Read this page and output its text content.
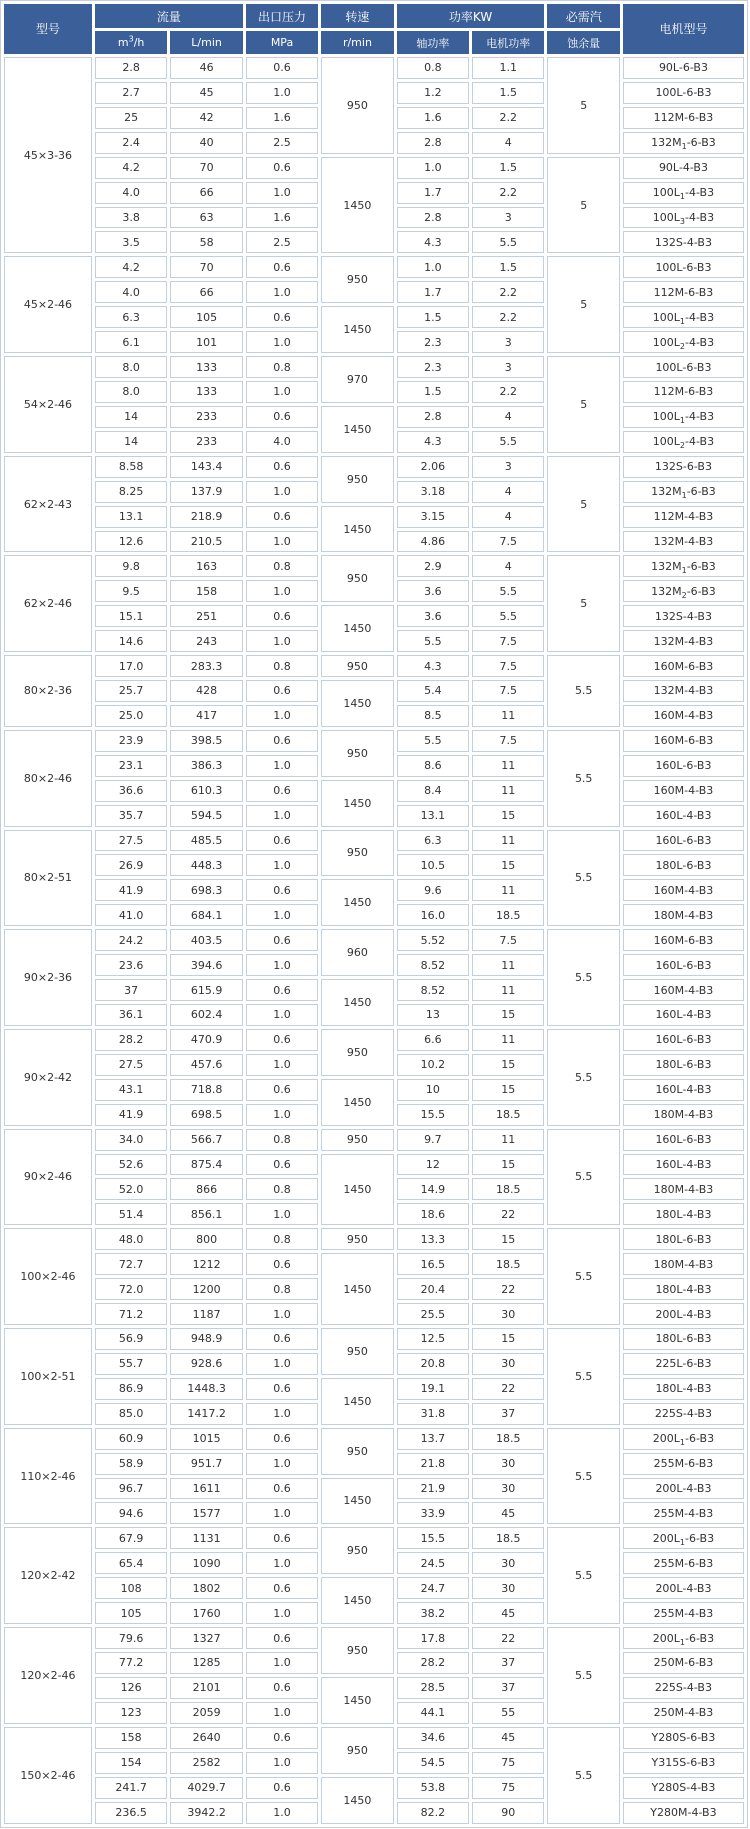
型号	流量		出口压力	转速	功率KW		必需汽	电机型号
	$m^3/h$	L/min	MPa	r/min	轴功率	电机功率	蚀余量	
45×3-36	2.8	46	0.6	950	0.8	1.1	5	90L-6-B3
	2.7	45	1.0		1.2	1.5		100L-6-B3
	25	42	1.6		1.6	2.2		112M-6-B3
	2.4	40	2.5		2.8	4		$132M_1-6-B3$
	4.2	70	0.6	1450	1.0	1.5	5	90L-4-B3
	4.0	66	1.0		1.7	2.2		$100L_1-4-B3$
	3.8	63	1.6		2.8	3		$100L_3-4-B3$
	3.5	58	2.5		4.3	5.5		132S-4-B3
45×2-46	4.2	70	0.6	950	1.0	1.5	5	100L-6-B3
	4.0	66	1.0		1.7	2.2		112M-6-B3
	6.3	105	0.6	1450	1.5	2.2		$100L_1-4-B3$
	6.1	101	1.0		2.3	3		$100L_2-4-B3$
54×2-46	8.0	133	0.8	970	2.3	3	5	100L-6-B3
	8.0	133	1.0		1.5	2.2		112M-6-B3
	14	233	0.6	1450	2.8	4		$100L_1-4-B3$
	14	233	4.0		4.3	5.5		$100L_2-4-B3$
62×2-43	8.58	143.4	0.6	950	2.06	3	5	132S-6-B3
	8.25	137.9	1.0		3.18	4		$132M_1-6-B3$
	13.1	218.9	0.6	1450	3.15	4		112M-4-B3
	12.6	210.5	1.0		4.86	7.5		132M-4-B3
62×2-46	9.8	163	0.8	950	2.9	4	5	$132M_1-6-B3$
	9.5	158	1.0		3.6	5.5		$132M_2-6-B3$
	15.1	251	0.6	1450	3.6	5.5		132S-4-B3
	14.6	243	1.0		5.5	7.5		132M-4-B3
80×2-36	17.0	283.3	0.8	950	4.3	7.5	5.5	160M-6-B3
	25.7	428	0.6	1450	5.4	7.5		132M-4-B3
	25.0	417	1.0		8.5	11		160M-4-B3
80×2-46	23.9	398.5	0.6	950	5.5	7.5	5.5	160M-6-B3
	23.1	386.3	1.0		8.6	11		160L-6-B3
	36.6	610.3	0.6	1450	8.4	11		160M-4-B3
	35.7	594.5	1.0		13.1	15		160L-4-B3
80×2-51	27.5	485.5	0.6	950	6.3	11	5.5	160L-6-B3
	26.9	448.3	1.0		10.5	15		180L-6-B3
	41.9	698.3	0.6	1450	9.6	11		160M-4-B3
	41.0	684.1	1.0		16.0	18.5		180M-4-B3
90×2-36	24.2	403.5	0.6	960	5.52	7.5	5.5	160M-6-B3
	23.6	394.6	1.0		8.52	11		160L-6-B3
	37	615.9	0.6	1450	8.52	11		160M-4-B3
	36.1	602.4	1.0		13	15		160L-4-B3
90×2-42	28.2	470.9	0.6	950	6.6	11	5.5	160L-6-B3
	27.5	457.6	1.0		10.2	15		180L-6-B3
	43.1	718.8	0.6	1450	10	15		160L-4-B3
	41.9	698.5	1.0		15.5	18.5		180M-4-B3
90×2-46	34.0	566.7	0.8	950	9.7	11	5.5	160L-6-B3
	52.6	875.4	0.6	1450	12	15		160L-4-B3
	52.0	866	0.8		14.9	18.5		180M-4-B3
	51.4	856.1	1.0		18.6	22		180L-4-B3
100×2-46	48.0	800	0.8	950	13.3	15	5.5	180L-6-B3
	72.7	1212	0.6	1450	16.5	18.5		180M-4-B3
	72.0	1200	0.8		20.4	22		180L-4-B3
	71.2	1187	1.0		25.5	30		200L-4-B3
100×2-51	56.9	948.9	0.6	950	12.5	15	5.5	180L-6-B3
	55.7	928.6	1.0		20.8	30		225L-6-B3
	86.9	1448.3	0.6	1450	19.1	22		180L-4-B3
	85.0	1417.2	1.0		31.8	37		225S-4-B3
110×2-46	60.9	1015	0.6	950	13.7	18.5	5.5	$200L_1-6-B3$
	58.9	951.7	1.0		21.8	30		255M-6-B3
	96.7	1611	0.6	1450	21.9	30		200L-4-B3
	94.6	1577	1.0		33.9	45		255M-4-B3
120×2-42	67.9	1131	0.6	950	15.5	18.5	5.5	$200L_1-6-B3$
	65.4	1090	1.0		24.5	30		255M-6-B3
	108	1802	0.6	1450	24.7	30		200L-4-B3
	105	1760	1.0		38.2	45		255M-4-B3
120×2-46	79.6	1327	0.6	950	17.8	22	5.5	$200L_1-6-B3$
	77.2	1285	1.0		28.2	37		250M-6-B3
	126	2101	0.6	1450	28.5	37		225S-4-B3
	123	2059	1.0		44.1	55		250M-4-B3
150×2-46	158	2640	0.6	950	34.6	45	5.5	Y280S-6-B3
	154	2582	1.0		54.5	75		Y315S-6-B3
	241.7	4029.7	0.6	1450	53.8	75		Y280S-4-B3
	236.5	3942.2	1.0		82.2	90		Y280M-4-B3
